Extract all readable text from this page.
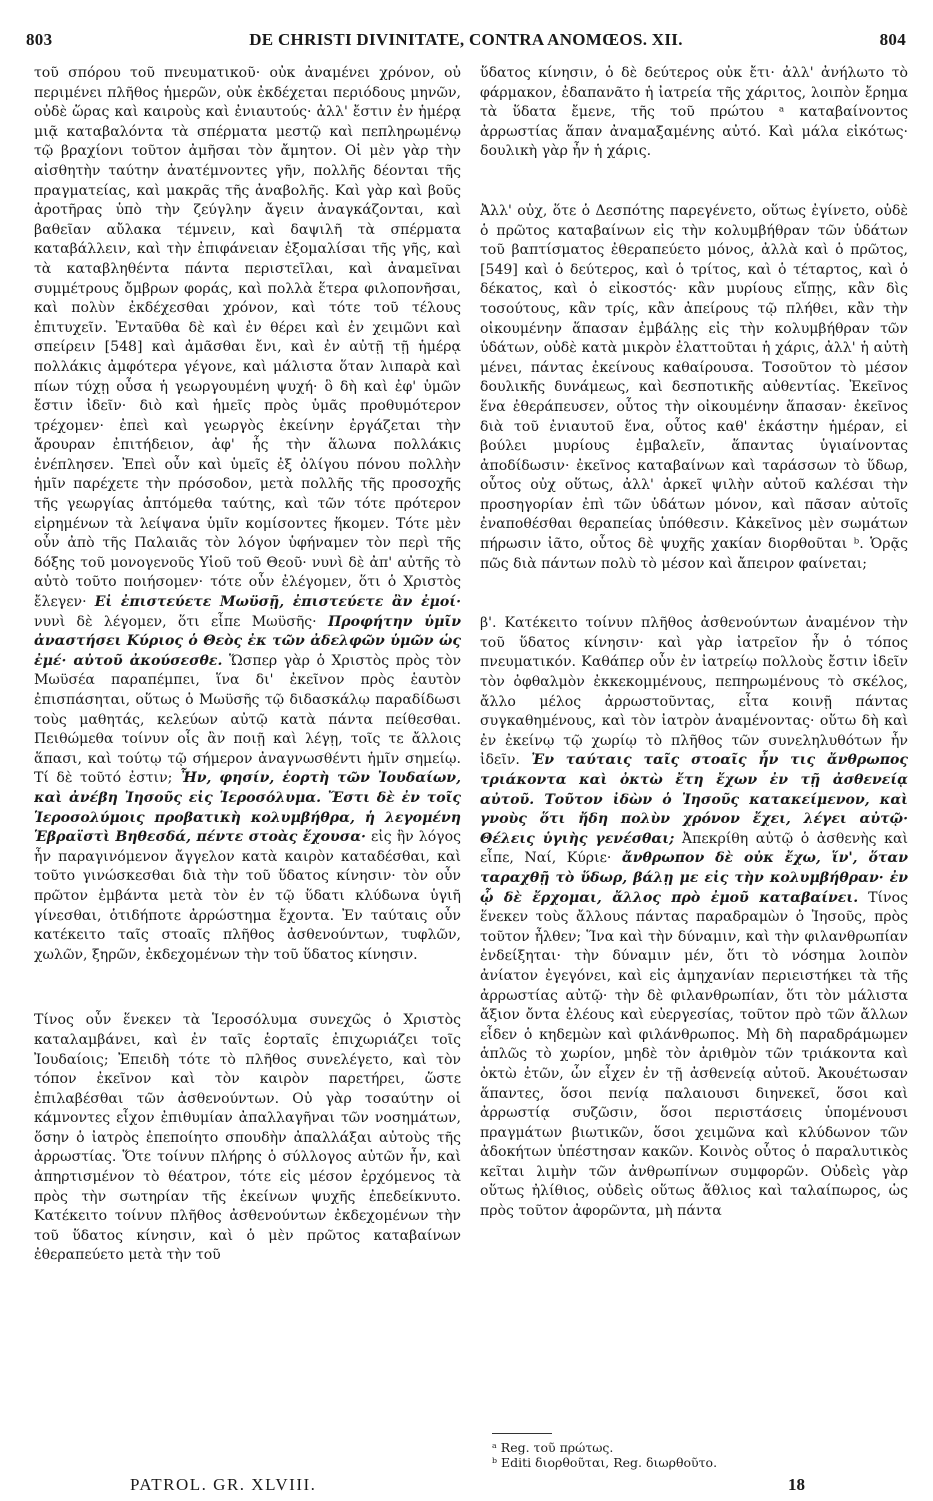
803	DE CHRISTI DIVINITATE, CONTRA ANOMŒOS. XII.	804

τοῦ σπόρου τοῦ πνευματικοῦ· οὐκ ἀναμένει χρόνον, οὐ περιμένει πλῆθος ἡμερῶν, οὐκ ἐκδέχεται περιόδους μηνῶν, οὐδὲ ὥρας καὶ καιροὺς καὶ ἐνιαυτούς· ἀλλ' ἔστιν ἐν ἡμέρᾳ μιᾷ καταβαλόντα τὰ σπέρματα μεστῷ καὶ πεπληρωμένῳ τῷ βραχίονι τοῦτον ἀμῆσαι τὸν ἄμητον. Οἱ μὲν γὰρ τὴν αἰσθητὴν ταύτην ἀνατέμνοντες γῆν, πολλῆς δέονται τῆς πραγματείας, καὶ μακρᾶς τῆς ἀναβολῆς. Καὶ γὰρ καὶ βοῦς ἀροτῆρας ὑπὸ τὴν ζεύγλην ἄγειν ἀναγκάζονται, καὶ βαθεῖαν αὔλακα τέμνειν, καὶ δαψιλῆ τὰ σπέρματα καταβάλλειν, καὶ τὴν ἐπιφάνειαν ἐξομαλίσαι τῆς γῆς, καὶ τὰ καταβληθέντα πάντα περιστεῖλαι, καὶ ἀναμεῖναι συμμέτρους ὄμβρων φοράς, καὶ πολλὰ ἕτερα φιλοπονῆσαι, καὶ πολὺν ἐκδέχεσθαι χρόνον, καὶ τότε τοῦ τέλους ἐπιτυχεῖν. Ἐνταῦθα δὲ καὶ ἐν θέρει καὶ ἐν χειμῶνι καὶ σπείρειν [548] καὶ ἀμᾶσθαι ἔνι, καὶ ἐν αὐτῇ τῇ ἡμέρᾳ πολλάκις ἀμφότερα γέγονε, καὶ μάλιστα ὅταν λιπαρὰ καὶ πίων τύχῃ οὖσα ἡ γεωργουμένη ψυχή· ὃ δὴ καὶ ἐφ' ὑμῶν ἔστιν ἰδεῖν· διὸ καὶ ἡμεῖς πρὸς ὑμᾶς προθυμότερον τρέχομεν· ἐπεὶ καὶ γεωργὸς ἐκείνην ἐργάζεται τὴν ἄρουραν ἐπιτήδειον, ἀφ' ἧς τὴν ἅλωνα πολλάκις ἐνέπλησεν. Ἐπεὶ οὖν καὶ ὑμεῖς ἐξ ὀλίγου πόνου πολλὴν ἡμῖν παρέχετε τὴν πρόσοδον, μετὰ πολλῆς τῆς προσοχῆς τῆς γεωργίας ἀπτόμεθα ταύτης, καὶ τῶν τότε πρότερον εἰρημένων τὰ λείψανα ὑμῖν κομίσοντες ἥκομεν. Τότε μὲν οὖν ἀπὸ τῆς Παλαιᾶς τὸν λόγον ὑφήναμεν τὸν περὶ τῆς δόξης τοῦ μονογενοῦς Υἱοῦ τοῦ Θεοῦ· νυνὶ δὲ ἀπ' αὐτῆς τὸ αὐτὸ τοῦτο ποιήσομεν· τότε οὖν ἐλέγομεν, ὅτι ὁ Χριστὸς ἔλεγεν· Εἰ ἐπιστεύετε Μωϋσῇ, ἐπιστεύετε ἂν ἐμοί· νυνὶ δὲ λέγομεν, ὅτι εἶπε Μωϋσῆς· Προφήτην ὑμῖν ἀναστήσει Κύριος ὁ Θεὸς ἐκ τῶν ἀδελφῶν ὑμῶν ὡς ἐμέ· αὐτοῦ ἀκούσεσθε. Ὥσπερ γὰρ ὁ Χριστὸς πρὸς τὸν Μωϋσέα παραπέμπει, ἵνα δι' ἐκεῖνον πρὸς ἑαυτὸν ἐπισπάσηται, οὕτως ὁ Μωϋσῆς τῷ διδασκάλῳ παραδίδωσι τοὺς μαθητάς, κελεύων αὐτῷ κατὰ πάντα πείθεσθαι. Πειθώμεθα τοίνυν οἷς ἂν ποιῇ καὶ λέγῃ, τοῖς τε ἄλλοις ἅπασι, καὶ τούτῳ τῷ σήμερον ἀναγνωσθέντι ἡμῖν σημείῳ. Τί δὲ τοῦτό ἐστιν; Ἦν, φησίν, ἑορτὴ τῶν Ἰουδαίων, καὶ ἀνέβη Ἰησοῦς εἰς Ἱεροσόλυμα. Ἔστι δὲ ἐν τοῖς Ἱεροσολύμοις προβατικὴ κολυμβήθρα, ἡ λεγομένη Ἑβραϊστὶ Βηθεσδά, πέντε στοὰς ἔχουσα· εἰς ἣν λόγος ἦν παραγινόμενον ἄγγελον κατὰ καιρὸν καταδέσθαι, καὶ τοῦτο γινώσκεσθαι διὰ τὴν τοῦ ὕδατος κίνησιν· τὸν οὖν πρῶτον ἐμβάντα μετὰ τὸν ἐν τῷ ὕδατι κλύδωνα ὑγιῆ γίνεσθαι, ὁτιδήποτε ἀρρώστημα ἔχοντα. Ἐν ταύταις οὖν κατέκειτο ταῖς στοαῖς πλῆθος ἀσθενούντων, τυφλῶν, χωλῶν, ξηρῶν, ἐκδεχομένων τὴν τοῦ ὕδατος κίνησιν.

Τίνος οὖν ἕνεκεν τὰ Ἱεροσόλυμα συνεχῶς ὁ Χριστὸς καταλαμβάνει, καὶ ἐν ταῖς ἑορταῖς ἐπιχωριάζει τοῖς Ἰουδαίοις; Ἐπειδὴ τότε τὸ πλῆθος συνελέγετο, καὶ τὸν τόπον ἐκεῖνον καὶ τὸν καιρὸν παρετήρει, ὥστε ἐπιλαβέσθαι τῶν ἀσθενούντων. Οὐ γὰρ τοσαύτην οἱ κάμνοντες εἶχον ἐπιθυμίαν ἀπαλλαγῆναι τῶν νοσημάτων, ὅσην ὁ ἰατρὸς ἐπεποίητο σπουδὴν ἀπαλλάξαι αὐτοὺς τῆς ἀρρωστίας. Ὅτε τοίνυν πλήρης ὁ σύλλογος αὐτῶν ἦν, καὶ ἀπηρτισμένον τὸ θέατρον, τότε εἰς μέσον ἐρχόμενος τὰ πρὸς τὴν σωτηρίαν τῆς ἐκείνων ψυχῆς ἐπεδείκνυτο. Κατέκειτο τοίνυν πλῆθος ἀσθενούντων ἐκδεχομένων τὴν τοῦ ὕδατος κίνησιν, καὶ ὁ μὲν πρῶτος καταβαίνων ἐθεραπεύετο μετὰ τὴν τοῦ

ὕδατος κίνησιν, ὁ δὲ δεύτερος οὐκ ἔτι· ἀλλ' ἀνήλωτο τὸ φάρμακον, ἐδαπανᾶτο ἡ ἰατρεία τῆς χάριτος, λοιπὸν ἔρημα τὰ ὕδατα ἔμενε, τῆς τοῦ πρώτου ᵃ καταβαίνοντος ἀρρωστίας ἅπαν ἀναμαξαμένης αὐτό. Καὶ μάλα εἰκότως· δουλικὴ γὰρ ἦν ἡ χάρις.

Ἀλλ' οὐχ, ὅτε ὁ Δεσπότης παρεγένετο, οὕτως ἐγίνετο, οὐδὲ ὁ πρῶτος καταβαίνων εἰς τὴν κολυμβήθραν τῶν ὑδάτων τοῦ βαπτίσματος ἐθεραπεύετο μόνος, ἀλλὰ καὶ ὁ πρῶτος, [549] καὶ ὁ δεύτερος, καὶ ὁ τρίτος, καὶ ὁ τέταρτος, καὶ ὁ δέκατος, καὶ ὁ εἰκοστός· κἂν μυρίους εἴπῃς, κἂν δὶς τοσούτους, κἂν τρίς, κἂν ἀπείρους τῷ πλήθει, κἂν τὴν οἰκουμένην ἅπασαν ἐμβάλῃς εἰς τὴν κολυμβήθραν τῶν ὑδάτων, οὐδὲ κατὰ μικρὸν ἐλαττοῦται ἡ χάρις, ἀλλ' ἡ αὐτὴ μένει, πάντας ἐκείνους καθαίρουσα. Τοσοῦτον τὸ μέσον δουλικῆς δυνάμεως, καὶ δεσποτικῆς αὐθεντίας. Ἐκεῖνος ἕνα ἐθεράπευσεν, οὗτος τὴν οἰκουμένην ἅπασαν· ἐκεῖνος διὰ τοῦ ἐνιαυτοῦ ἕνα, οὗτος καθ' ἑκάστην ἡμέραν, εἰ βούλει μυρίους ἐμβαλεῖν, ἅπαντας ὑγιαίνοντας ἀποδίδωσιν· ἐκεῖνος καταβαίνων καὶ ταράσσων τὸ ὕδωρ, οὗτος οὐχ οὕτως, ἀλλ' ἀρκεῖ ψιλὴν αὐτοῦ καλέσαι τὴν προσηγορίαν ἐπὶ τῶν ὑδάτων μόνον, καὶ πᾶσαν αὐτοῖς ἐναποθέσθαι θεραπείας ὑπόθεσιν. Κἀκεῖνος μὲν σωμάτων πήρωσιν ἰᾶτο, οὗτος δὲ ψυχῆς χακίαν διορθοῦται ᵇ. Ὁρᾷς πῶς διὰ πάντων πολὺ τὸ μέσον καὶ ἄπειρον φαίνεται;

β'. Κατέκειτο τοίνυν πλῆθος ἀσθενούντων ἀναμένον τὴν τοῦ ὕδατος κίνησιν· καὶ γὰρ ἰατρεῖον ἦν ὁ τόπος πνευματικόν. Καθάπερ οὖν ἐν ἰατρείῳ πολλοὺς ἔστιν ἰδεῖν τὸν ὀφθαλμὸν ἐκκεκομμένους, πεπηρωμένους τὸ σκέλος, ἄλλο μέλος ἀρρωστοῦντας, εἶτα κοινῇ πάντας συγκαθημένους, καὶ τὸν ἰατρὸν ἀναμένοντας· οὕτω δὴ καὶ ἐν ἐκείνῳ τῷ χωρίῳ τὸ πλῆθος τῶν συνεληλυθότων ἦν ἰδεῖν. Ἐν ταύταις ταῖς στοαῖς ἦν τις ἄνθρωπος τριάκοντα καὶ ὀκτὼ ἔτη ἔχων ἐν τῇ ἀσθενείᾳ αὐτοῦ. Τοῦτον ἰδὼν ὁ Ἰησοῦς κατακείμενον, καὶ γνοὺς ὅτι ἤδη πολὺν χρόνον ἔχει, λέγει αὐτῷ· Θέλεις ὑγιὴς γενέσθαι; Ἀπεκρίθη αὐτῷ ὁ ἀσθενὴς καὶ εἶπε, Ναί, Κύριε· ἄνθρωπον δὲ οὐκ ἔχω, ἵν', ὅταν ταραχθῇ τὸ ὕδωρ, βάλῃ με εἰς τὴν κολυμβήθραν· ἐν ᾧ δὲ ἔρχομαι, ἄλλος πρὸ ἐμοῦ καταβαίνει. Τίνος ἕνεκεν τοὺς ἄλλους πάντας παραδραμὼν ὁ Ἰησοῦς, πρὸς τοῦτον ἦλθεν; Ἵνα καὶ τὴν δύναμιν, καὶ τὴν φιλανθρωπίαν ἐνδείξηται· τὴν δύναμιν μέν, ὅτι τὸ νόσημα λοιπὸν ἀνίατον ἐγεγόνει, καὶ εἰς ἀμηχανίαν περιειστήκει τὰ τῆς ἀρρωστίας αὐτῷ· τὴν δὲ φιλανθρωπίαν, ὅτι τὸν μάλιστα ἄξιον ὄντα ἐλέους καὶ εὐεργεσίας, τοῦτον πρὸ τῶν ἄλλων εἶδεν ὁ κηδεμὼν καὶ φιλάνθρωπος. Μὴ δὴ παραδράμωμεν ἁπλῶς τὸ χωρίον, μηδὲ τὸν ἀριθμὸν τῶν τριάκοντα καὶ ὀκτὼ ἐτῶν, ὧν εἶχεν ἐν τῇ ἀσθενείᾳ αὐτοῦ. Ἀκουέτωσαν ἅπαντες, ὅσοι πενίᾳ παλαιουσι διηνεκεῖ, ὅσοι καὶ ἀρρωστίᾳ συζῶσιν, ὅσοι περιστάσεις ὑπομένουσι πραγμάτων βιωτικῶν, ὅσοι χειμῶνα καὶ κλύδωνον τῶν ἀδοκήτων ὑπέστησαν κακῶν. Κοινὸς οὗτος ὁ παραλυτικὸς κεῖται λιμὴν τῶν ἀνθρωπίνων συμφορῶν. Οὐδεὶς γὰρ οὕτως ἠλίθιος, οὐδεὶς οὕτως ἄθλιος καὶ ταλαίπωρος, ὡς πρὸς τοῦτον ἀφορῶντα, μὴ πάντα

ᵃ Reg. τοῦ πρώτως.
ᵇ Editi διορθοῦται, Reg. διωρθοῦτο.
PATROL. GR. XLVIII.	18
